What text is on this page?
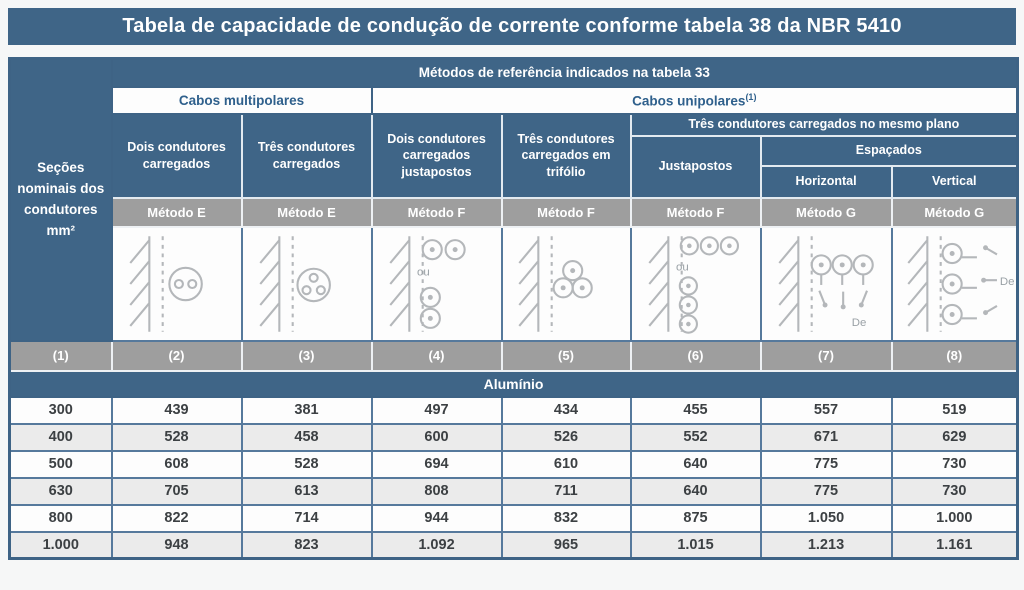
Tabela de capacidade de condução de corrente conforme tabela 38 da NBR 5410
Seções nominais dos condutores mm²	Métodos de referência indicados na tabela 33						
	Cabos multipolares		Cabos unipolares$^{(1)}$
	Dois condutores carregados	Três condutores carregados	Dois condutores carregados justapostos	Três condutores carregados em trifólio	Três condutores carregados no mesmo plano		
					Justapostos	Espaçados	
						Horizontal	Vertical
	Método E	Método E	Método F	Método F	Método F	Método G	Método G

ou		ou	De	De

(1)	(2)	(3)	(4)	(5)	(6)	(7)	(8)
Alumínio							
300	439	381	497	434	455	557	519
400	528	458	600	526	552	671	629
500	608	528	694	610	640	775	730
630	705	613	808	711	640	775	730
800	822	714	944	832	875	1.050	1.000
1.000	948	823	1.092	965	1.015	1.213	1.161
